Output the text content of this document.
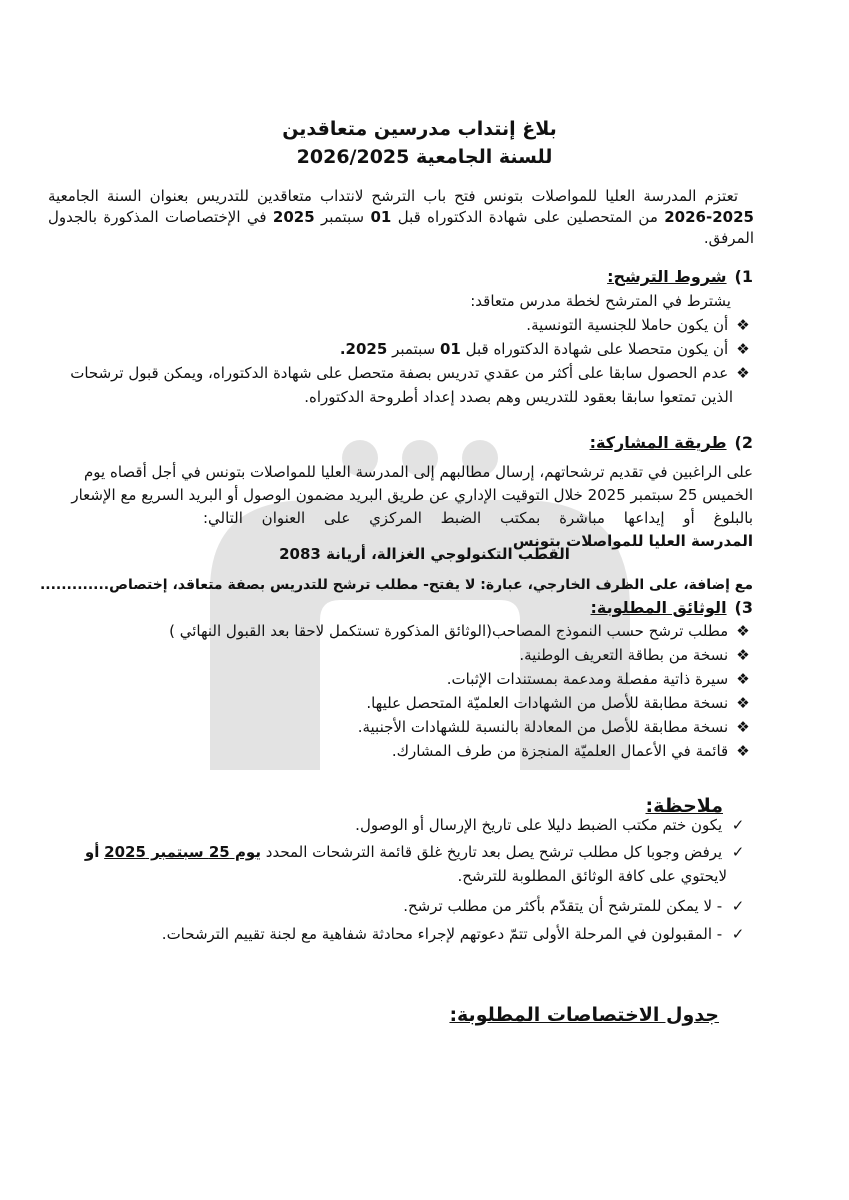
بلاغ إنتداب مدرسين متعاقدين
للسنة الجامعية 2026/2025
تعتزم المدرسة العليا للمواصلات بتونس فتح باب الترشح لانتداب متعاقدين للتدريس بعنوان السنة الجامعية 2025-2026 من المتحصلين على شهادة الدكتوراه قبل 01 سبتمبر 2025 في الإختصاصات المذكورة بالجدول المرفق.
1)شروط الترشح:
يشترط في المترشح لخطة مدرس متعاقد:
❖ أن يكون حاملا للجنسية التونسية.
❖ أن يكون متحصلا على شهادة الدكتوراه قبل 01 سبتمبر 2025.
❖ عدم الحصول سابقا على أكثر من عقدي تدريس بصفة متحصل على شهادة الدكتوراه، ويمكن قبول ترشحات
الذين تمتعوا سابقا بعقود للتدريس وهم بصدد إعداد أطروحة الدكتوراه.
2)طريقة المشاركة:
على الراغبين في تقديم ترشحاتهم، إرسال مطالبهم إلى المدرسة العليا للمواصلات بتونس في أجل أقصاه يوم
الخميس 25 سبتمبر 2025 خلال التوقيت الإداري عن طريق البريد مضمون الوصول أو البريد السريع مع الإشعار
بالبلوغ أو إيداعها مباشرة بمكتب الضبط المركزي على العنوان التالي:
المدرسة العليا للمواصلات بتونس
القطب التكنولوجي الغزالة، أريانة 2083
مع إضافة، على الظرف الخارجي، عبارة: لا يفتح- مطلب ترشح للتدريس بصفة متعاقد، إختصاص.............
3)الوثائق المطلوبة:
❖ مطلب ترشح حسب النموذج المصاحب(الوثائق المذكورة تستكمل لاحقا بعد القبول النهائي )
❖ نسخة من بطاقة التعريف الوطنية.
❖ سيرة ذاتية مفصلة ومدعمة بمستندات الإثبات.
❖ نسخة مطابقة للأصل من الشهادات العلميّة المتحصل عليها.
❖ نسخة مطابقة للأصل من المعادلة بالنسبة للشهادات الأجنبية.
❖ قائمة في الأعمال العلميّة المنجزة من طرف المشارك.
ملاحظة:
✓ يكون ختم مكتب الضبط دليلا على تاريخ الإرسال أو الوصول.
✓ يرفض وجوبا كل مطلب ترشح يصل بعد تاريخ غلق قائمة الترشحات المحدد يوم 25 سبتمبر 2025 أو
لايحتوي على كافة الوثائق المطلوبة للترشح.
✓ - لا يمكن للمترشح أن يتقدّم بأكثر من مطلب ترشح.
✓ - المقبولون في المرحلة الأولى تتمّ دعوتهم لإجراء محادثة شفاهية مع لجنة تقييم الترشحات.
جدول الاختصاصات المطلوبة:
